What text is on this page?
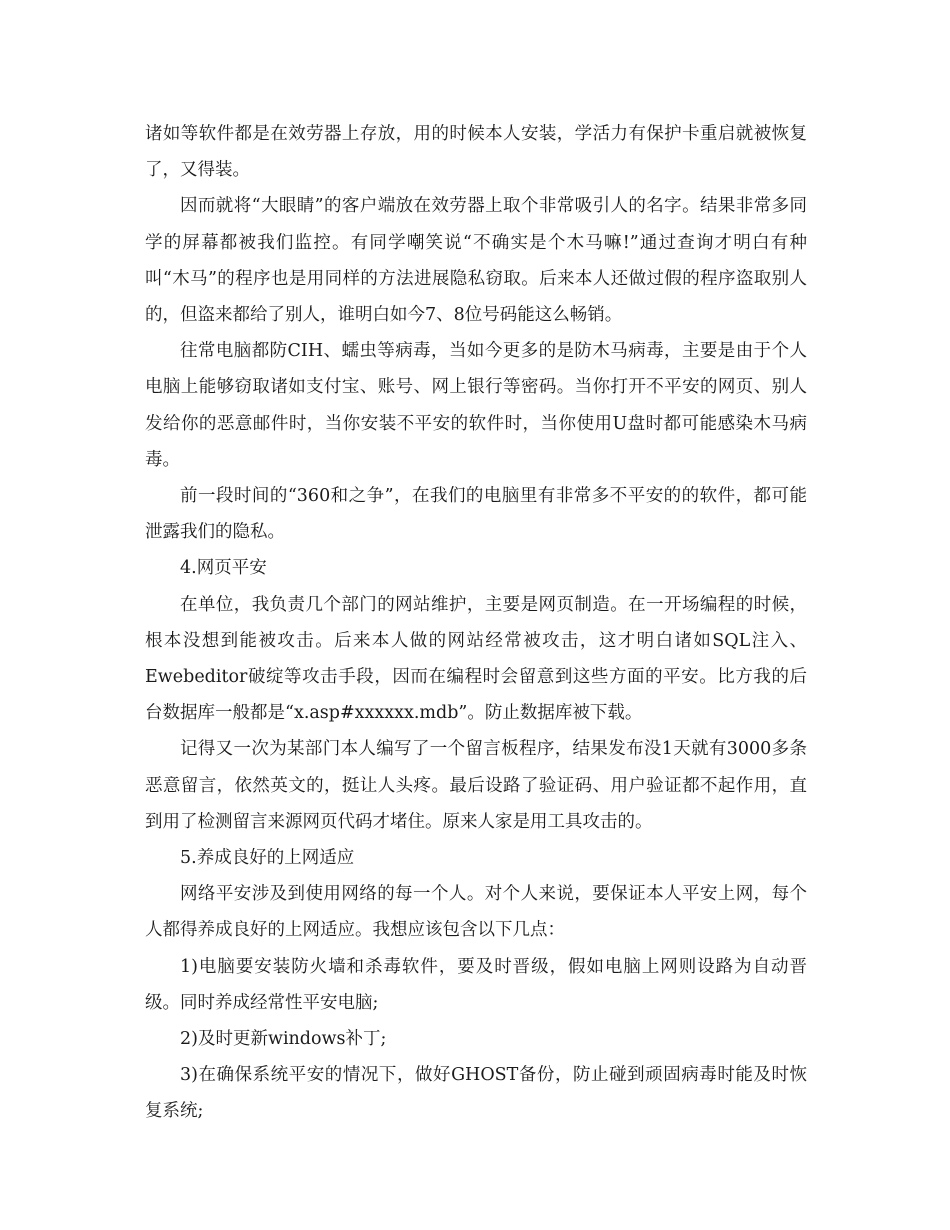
诸如等软件都是在效劳器上存放，用的时候本人安装，学活力有保护卡重启就被恢复了，又得装。

因而就将“大眼睛”的客户端放在效劳器上取个非常吸引人的名字。结果非常多同学的屏幕都被我们监控。有同学嘲笑说“不确实是个木马嘛!”通过查询才明白有种叫“木马”的程序也是用同样的方法进展隐私窃取。后来本人还做过假的程序盗取别人的，但盗来都给了别人，谁明白如今7、8位号码能这么畅销。

往常电脑都防CIH、蠕虫等病毒，当如今更多的是防木马病毒，主要是由于个人电脑上能够窃取诸如支付宝、账号、网上银行等密码。当你打开不平安的网页、别人发给你的恶意邮件时，当你安装不平安的软件时，当你使用U盘时都可能感染木马病毒。

前一段时间的“360和之争”，在我们的电脑里有非常多不平安的的软件，都可能泄露我们的隐私。

4.网页平安

在单位，我负责几个部门的网站维护，主要是网页制造。在一开场编程的时候，根本没想到能被攻击。后来本人做的网站经常被攻击，这才明白诸如SQL注入、Ewebeditor破绽等攻击手段，因而在编程时会留意到这些方面的平安。比方我的后台数据库一般都是“x.asp#xxxxxx.mdb”。防止数据库被下载。

记得又一次为某部门本人编写了一个留言板程序，结果发布没1天就有3000多条恶意留言，依然英文的，挺让人头疼。最后设路了验证码、用户验证都不起作用，直到用了检测留言来源网页代码才堵住。原来人家是用工具攻击的。

5.养成良好的上网适应

网络平安涉及到使用网络的每一个人。对个人来说，要保证本人平安上网，每个人都得养成良好的上网适应。我想应该包含以下几点：

1)电脑要安装防火墙和杀毒软件，要及时晋级，假如电脑上网则设路为自动晋级。同时养成经常性平安电脑;

2)及时更新windows补丁;

3)在确保系统平安的情况下，做好GHOST备份，防止碰到顽固病毒时能及时恢复系统;
